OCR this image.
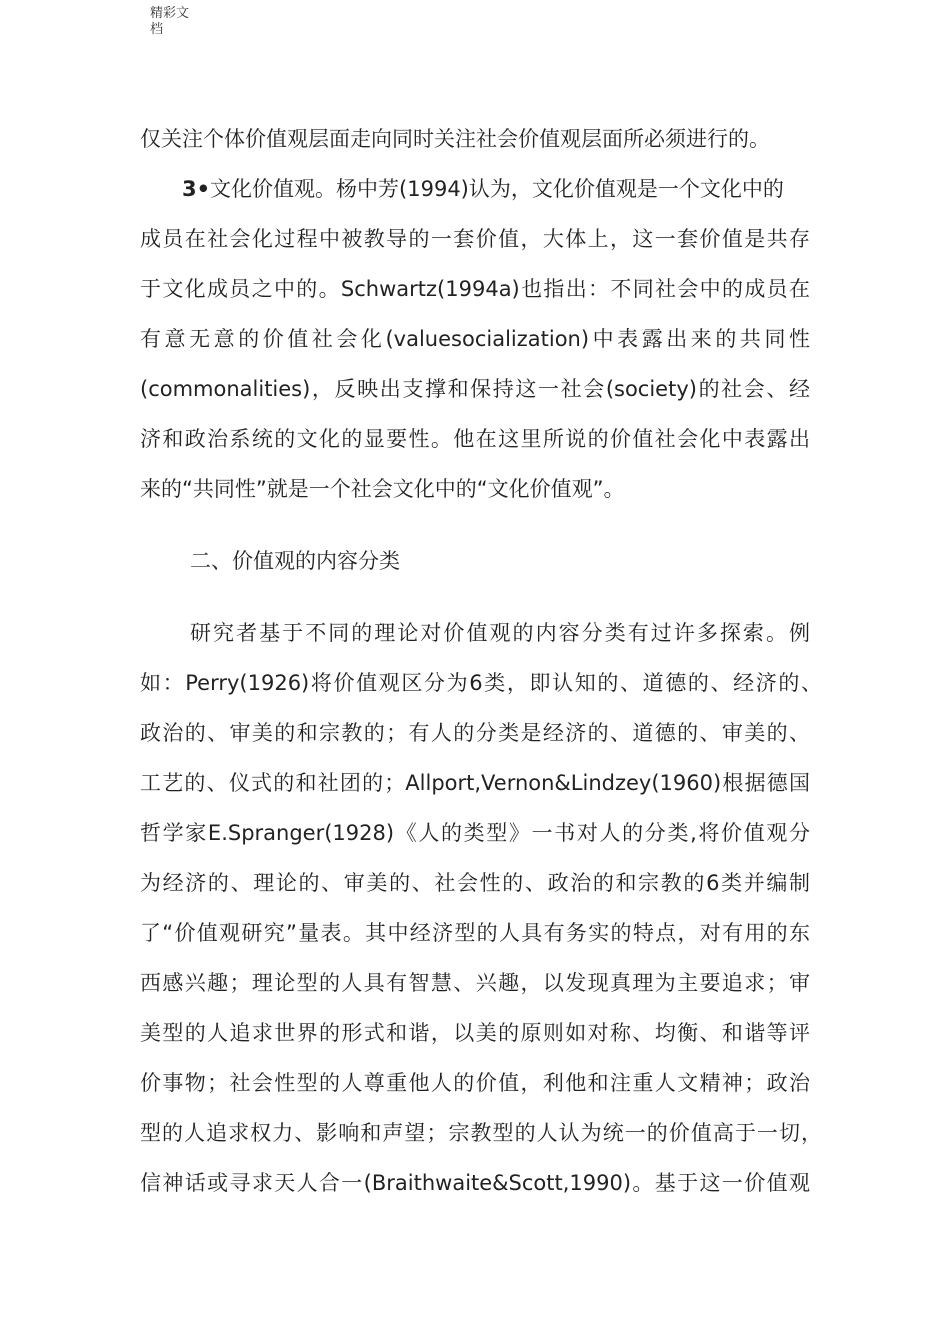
精彩文档
仅关注个体价值观层面走向同时关注社会价值观层面所必须进行的。
3•文化价值观。杨中芳(1994)认为，文化价值观是一个文化中的
成员在社会化过程中被教导的一套价值，大体上，这一套价值是共存
于文化成员之中的。Schwartz(1994a)也指出：不同社会中的成员在
有意无意的价值社会化(valuesocialization)中表露出来的共同性
(commonalities)，反映出支撑和保持这一社会(society)的社会、经
济和政治系统的文化的显要性。他在这里所说的价值社会化中表露出
来的“共同性”就是一个社会文化中的“文化价值观”。
二、价值观的内容分类
研究者基于不同的理论对价值观的内容分类有过许多探索。例
如：Perry(1926)将价值观区分为6类，即认知的、道德的、经济的、
政治的、审美的和宗教的；有人的分类是经济的、道德的、审美的、
工艺的、仪式的和社团的；Allport,Vernon&Lindzey(1960)根据德国
哲学家E.Spranger(1928)《人的类型》一书对人的分类,将价值观分
为经济的、理论的、审美的、社会性的、政治的和宗教的6类并编制
了“价值观研究”量表。其中经济型的人具有务实的特点，对有用的东
西感兴趣；理论型的人具有智慧、兴趣，以发现真理为主要追求；审
美型的人追求世界的形式和谐，以美的原则如对称、均衡、和谐等评
价事物；社会性型的人尊重他人的价值，利他和注重人文精神；政治
型的人追求权力、影响和声望；宗教型的人认为统一的价值高于一切，
信神话或寻求天人合一(Braithwaite&Scott,1990)。基于这一价值观
